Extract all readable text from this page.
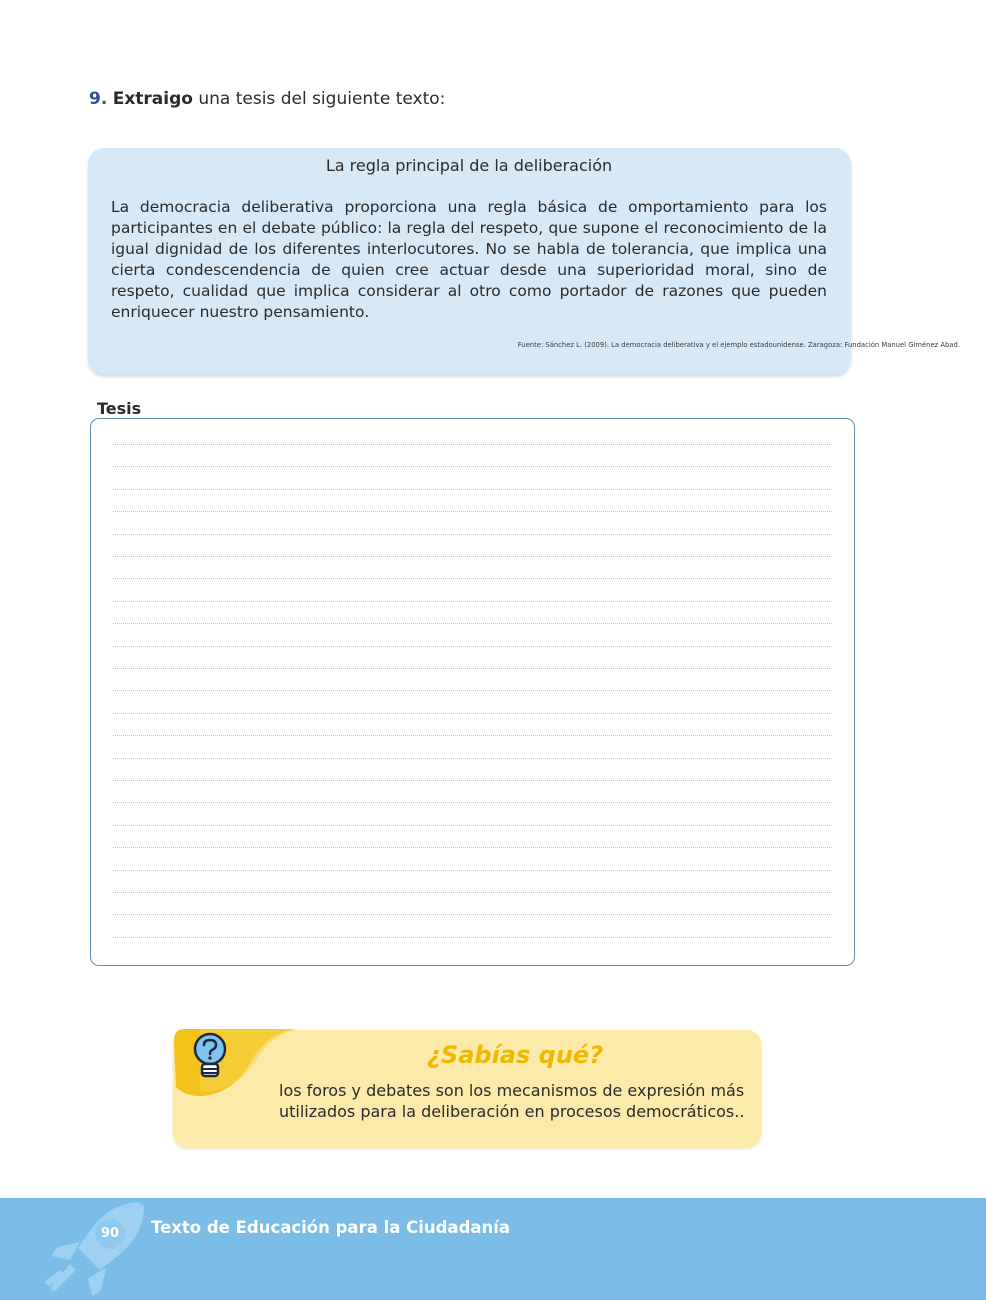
9. Extraigo una tesis del siguiente texto:

La regla principal de la deliberación

La democracia deliberativa proporciona una regla básica de omportamiento para los participantes en el debate público: la regla del respeto, que supone el reconocimiento de la igual dignidad de los diferentes interlocutores. No se habla de tolerancia, que implica una cierta condescendencia de quien cree actuar desde una superioridad moral, sino de respeto, cualidad que implica considerar al otro como portador de razones que pueden enriquecer nuestro pensamiento.

Fuente: Sánchez L. (2009). La democracia deliberativa y el ejemplo estadounidense. Zaragoza: Fundación Manuel Giménez Abad.
Tesis
¿Sabías qué?
los foros y debates son los mecanismos de expresión más
utilizados para la deliberación en procesos democráticos..
90	Texto de Educación para la Ciudadanía
